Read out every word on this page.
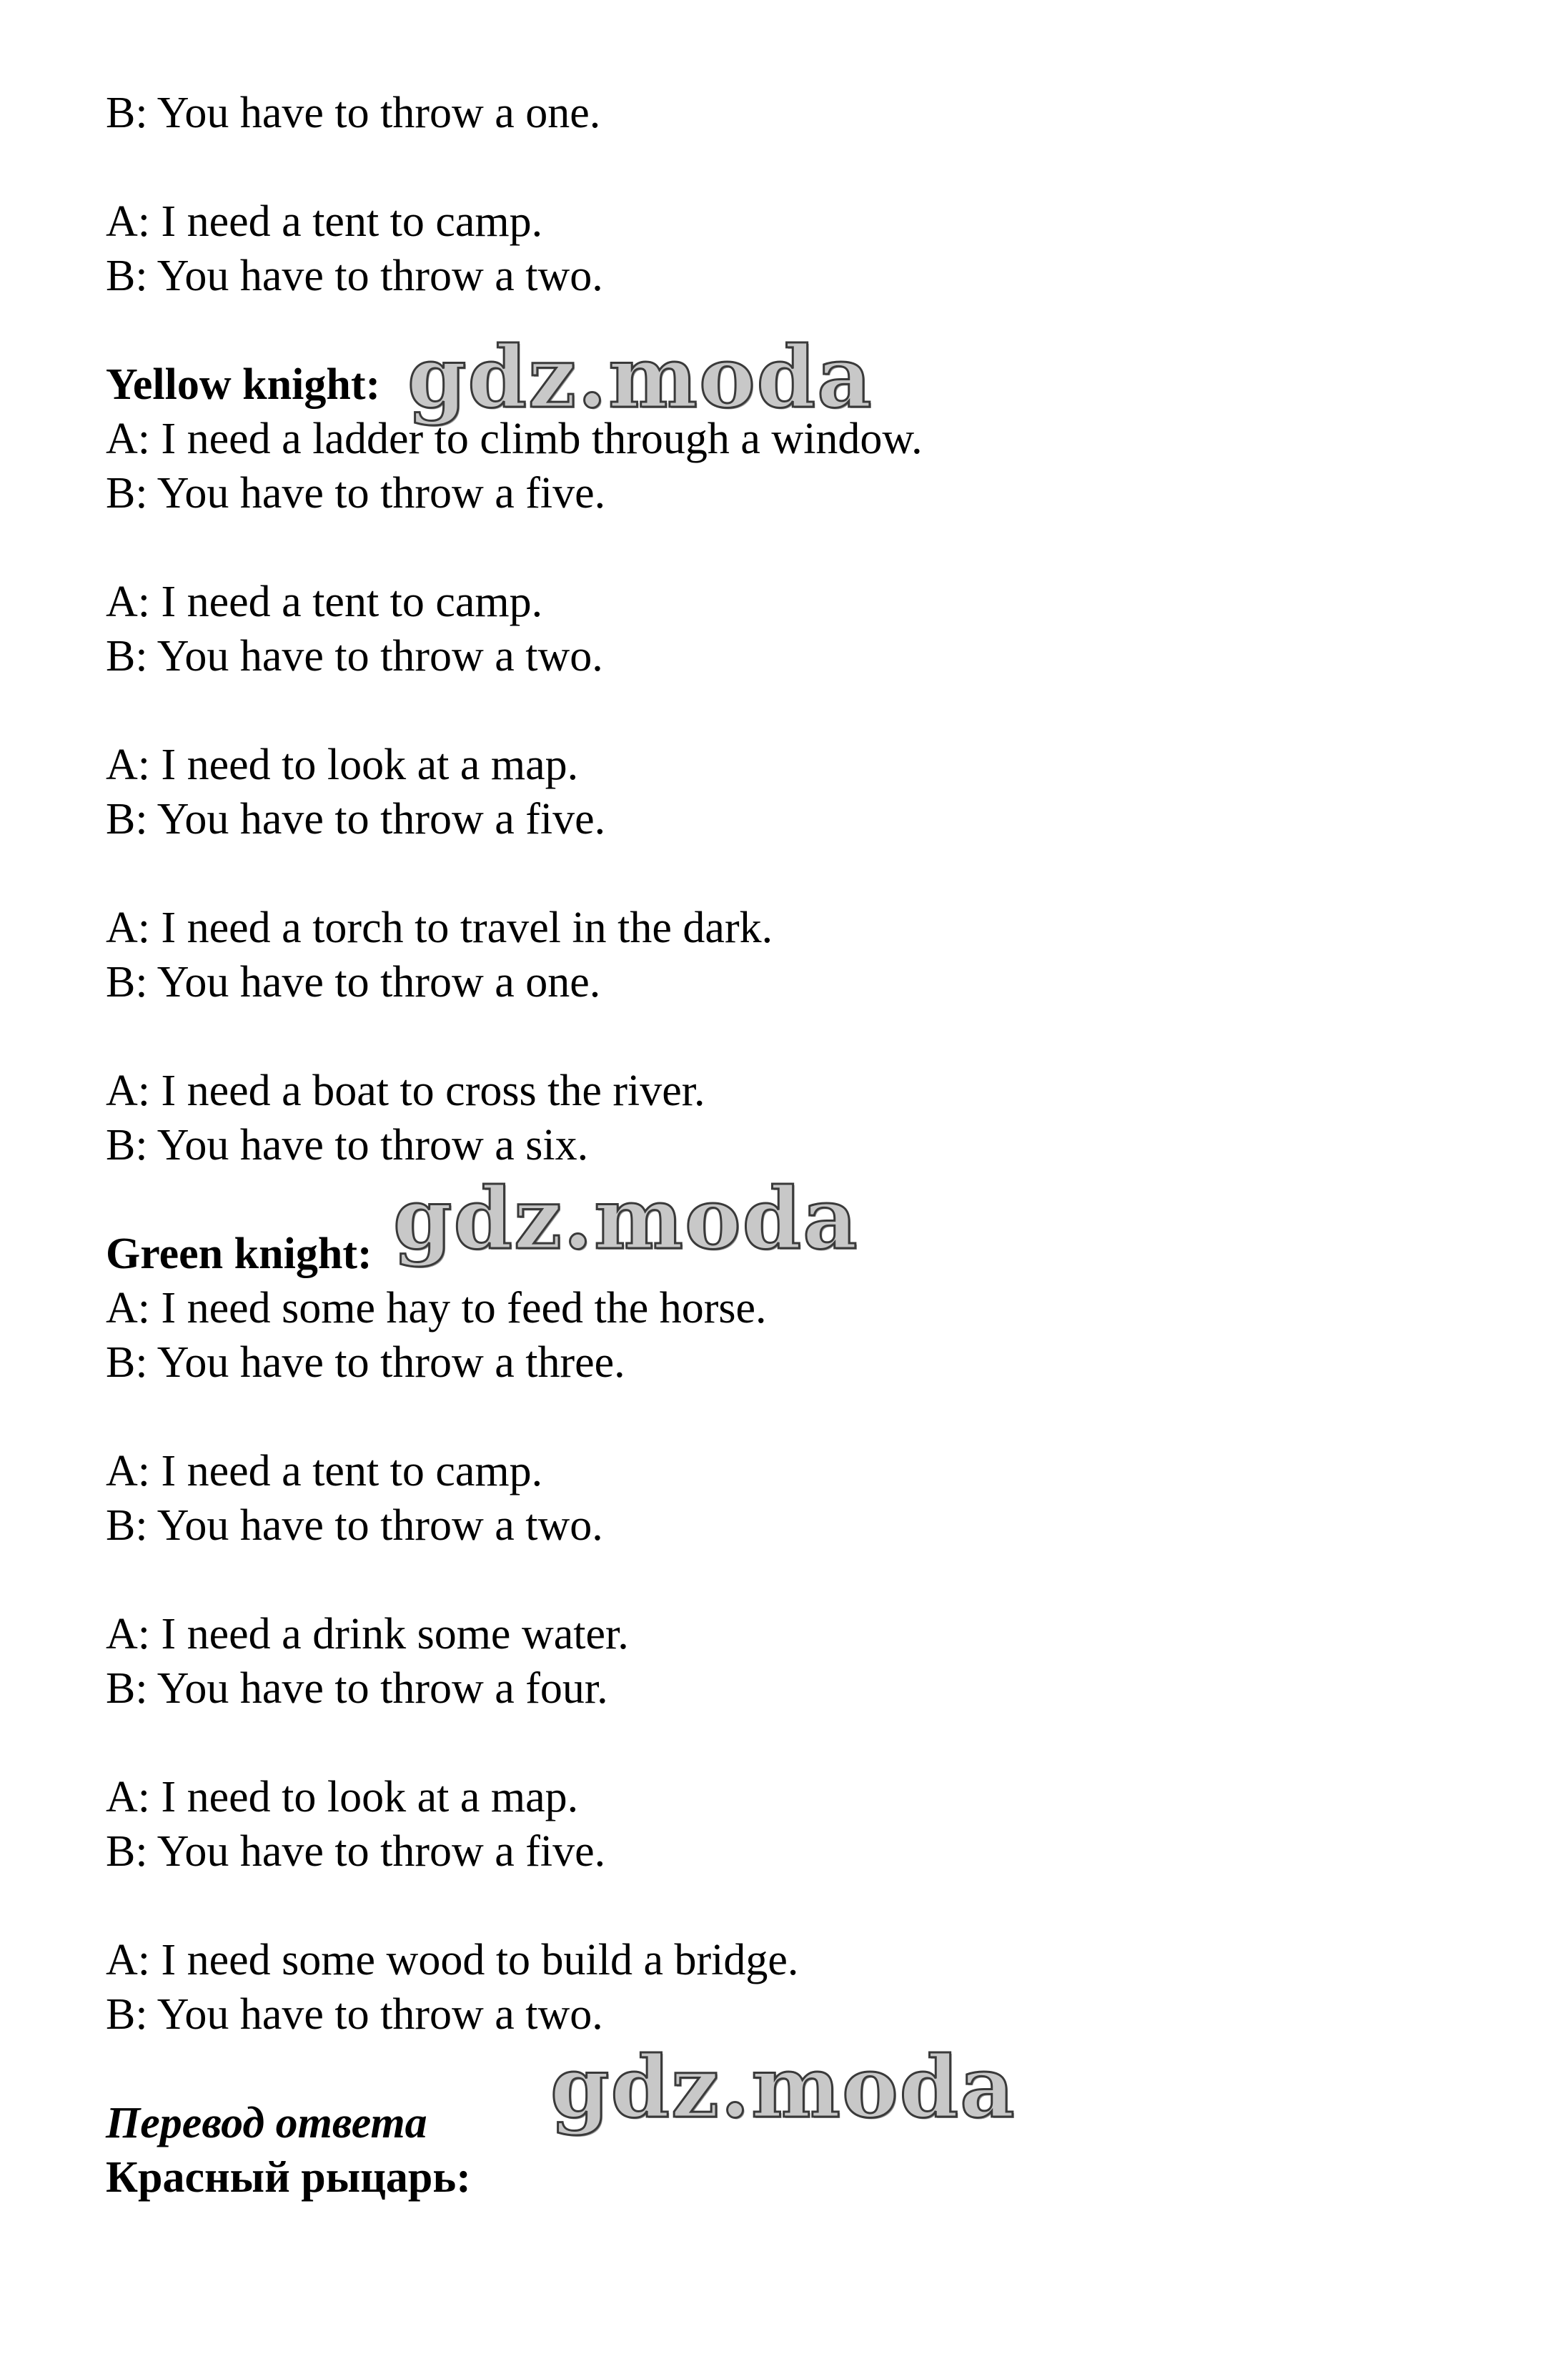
B: You have to throw a one.
A: I need a tent to camp.
B: You have to throw a two.
Yellow knight:
A: I need a ladder to climb through a window.
B: You have to throw a five.
A: I need a tent to camp.
B: You have to throw a two.
A: I need to look at a map.
B: You have to throw a five.
A: I need a torch to travel in the dark.
B: You have to throw a one.
A: I need a boat to cross the river.
B: You have to throw a six.
Green knight:
A: I need some hay to feed the horse.
B: You have to throw a three.
A: I need a tent to camp.
B: You have to throw a two.
A: I need a drink some water.
B: You have to throw a four.
A: I need to look at a map.
B: You have to throw a five.
A: I need some wood to build a bridge.
B: You have to throw a two.
Перевод ответа
Красный рыцарь:
gdz.moda
gdz.moda
gdz.moda
